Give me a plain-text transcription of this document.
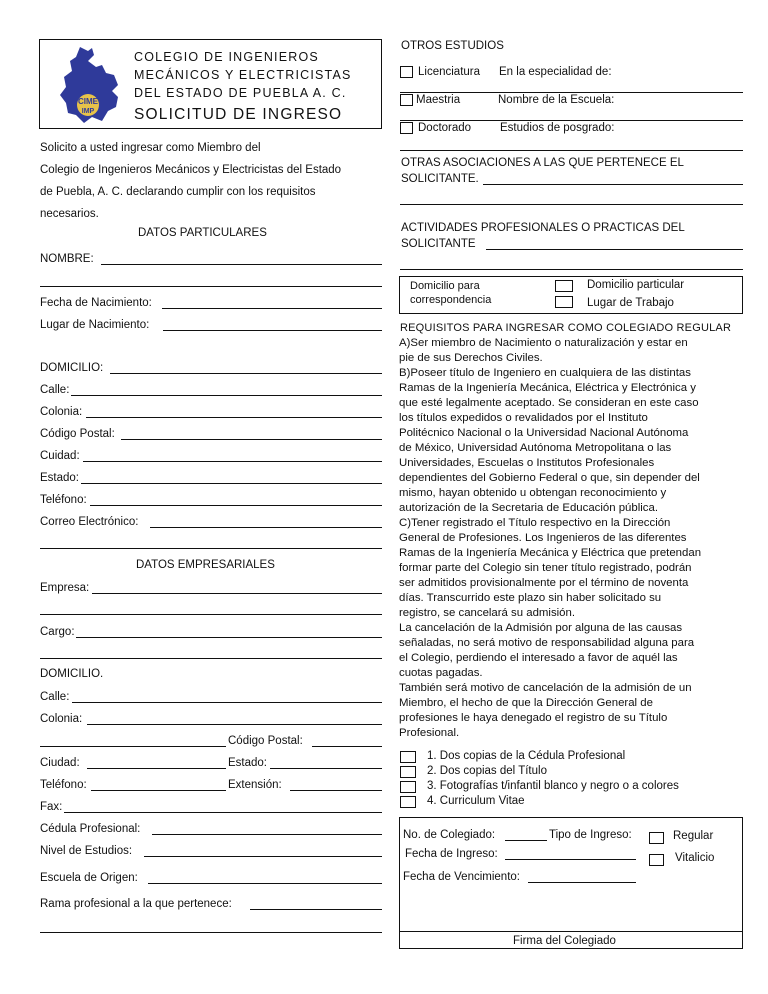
CIME
IMP
COLEGIO DE INGENIEROS
MECÁNICOS Y ELECTRICISTAS
DEL ESTADO DE PUEBLA A. C.
SOLICITUD DE INGRESO
Solicito a usted ingresar como Miembro del
Colegio de Ingenieros Mecánicos y Electricistas del Estado
de Puebla, A. C. declarando cumplir con los requisitos
necesarios.
DATOS PARTICULARES
NOMBRE:
Fecha de Nacimiento:
Lugar de Nacimiento:
DOMICILIO:
Calle:
Colonia:
Código Postal:
Cuidad:
Estado:
Teléfono:
Correo Electrónico:
DATOS EMPRESARIALES
Empresa:
Cargo:
DOMICILIO.
Calle:
Colonia:
Código Postal:
Ciudad:	Estado:
Teléfono:	Extensión:
Fax:
Cédula Profesional:
Nivel de Estudios:
Escuela de Origen:
Rama profesional a la que pertenece:
OTROS ESTUDIOS
Licenciatura En la especialidad de:
Maestria	Nombre de la Escuela:
Doctorado	Estudios de posgrado:
OTRAS ASOCIACIONES A LAS QUE PERTENECE EL
SOLICITANTE.
ACTIVIDADES PROFESIONALES O PRACTICAS DEL
SOLICITANTE
Domicilio para
correspondencia
Domicilio particular
Lugar de Trabajo
REQUISITOS PARA INGRESAR COMO COLEGIADO REGULAR
A)Ser miembro de Nacimiento o naturalización y estar en
pie de sus Derechos Civiles.
B)Poseer título de Ingeniero en cualquiera de las distintas
Ramas de la Ingeniería Mecánica, Eléctrica y Electrónica y
que esté legalmente aceptado. Se consideran en este caso
los títulos expedidos o revalidados por el Instituto
Politécnico Nacional o la Universidad Nacional Autónoma
de México, Universidad Autónoma Metropolitana o las
Universidades, Escuelas o Institutos Profesionales
dependientes del Gobierno Federal o que, sin depender del
mismo, hayan obtenido u obtengan reconocimiento y
autorización de la Secretaria de Educación pública.
C)Tener registrado el Título respectivo en la Dirección
General de Profesiones. Los Ingenieros de las diferentes
Ramas de la Ingeniería Mecánica y Eléctrica que pretendan
formar parte del Colegio sin tener título registrado, podrán
ser admitidos provisionalmente por el término de noventa
días. Transcurrido este plazo sin haber solicitado su
registro, se cancelará su admisión.
La cancelación de la Admisión por alguna de las causas
señaladas, no será motivo de responsabilidad alguna para
el Colegio, perdiendo el interesado a favor de aquél las
cuotas pagadas.
También será motivo de cancelación de la admisión de un
Miembro, el hecho de que la Dirección General de
profesiones le haya denegado el registro de su Título
Profesional.
1. Dos copias de la Cédula Profesional
2. Dos copias del Título
3. Fotografías t/infantil blanco y negro o a colores
4. Curriculum Vitae
No. de Colegiado:	Tipo de Ingreso:	Regular
Fecha de Ingreso:	Vitalicio
Fecha de Vencimiento:
Firma del Colegiado
